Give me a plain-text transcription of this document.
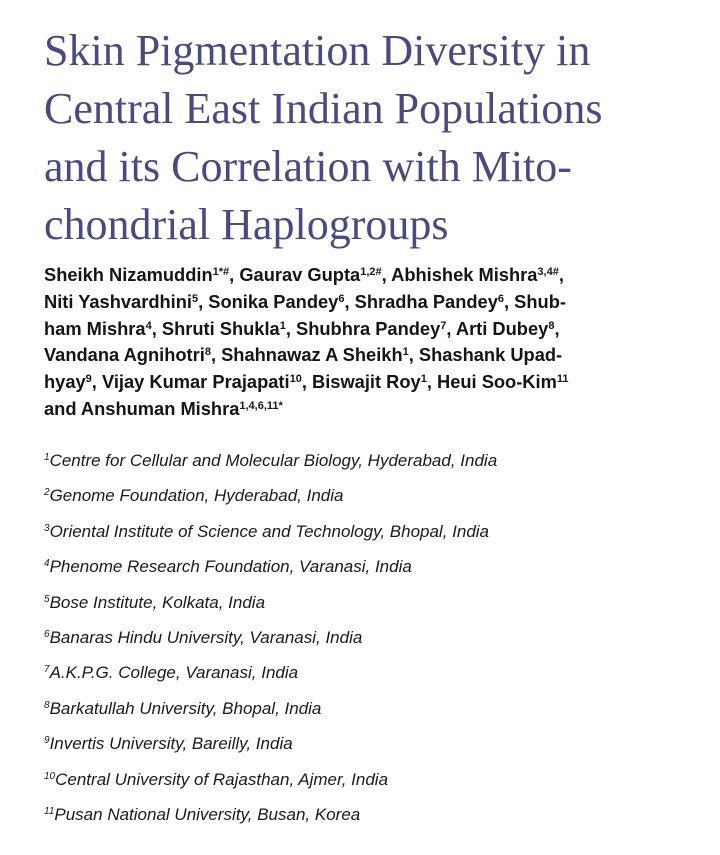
Skin Pigmentation Diversity in
Central East Indian Populations
and its Correlation with Mito-
chondrial Haplogroups
Sheikh Nizamuddin$^{1*\#}$, Gaurav Gupta$^{1,2\#}$, Abhishek Mishra$^{3,4\#}$,
Niti Yashvardhini$^5$, Sonika Pandey$^6$, Shradha Pandey$^6$, Shub-
ham Mishra$^4$, Shruti Shukla$^1$, Shubhra Pandey$^7$, Arti Dubey$^8$,
Vandana Agnihotri$^8$, Shahnawaz A Sheikh$^1$, Shashank Upad-
hyay$^9$, Vijay Kumar Prajapati$^{10}$, Biswajit Roy$^1$, Heui Soo-Kim$^{11}$
and Anshuman Mishra$^{1,4,6,11*}$
$^1$Centre for Cellular and Molecular Biology, Hyderabad, India
$^2$Genome Foundation, Hyderabad, India
$^3$Oriental Institute of Science and Technology, Bhopal, India
$^4$Phenome Research Foundation, Varanasi, India
$^5$Bose Institute, Kolkata, India
$^6$Banaras Hindu University, Varanasi, India
$^7$A.K.P.G. College, Varanasi, India
$^8$Barkatullah University, Bhopal, India
$^9$Invertis University, Bareilly, India
$^{10}$Central University of Rajasthan, Ajmer, India
$^{11}$Pusan National University, Busan, Korea
